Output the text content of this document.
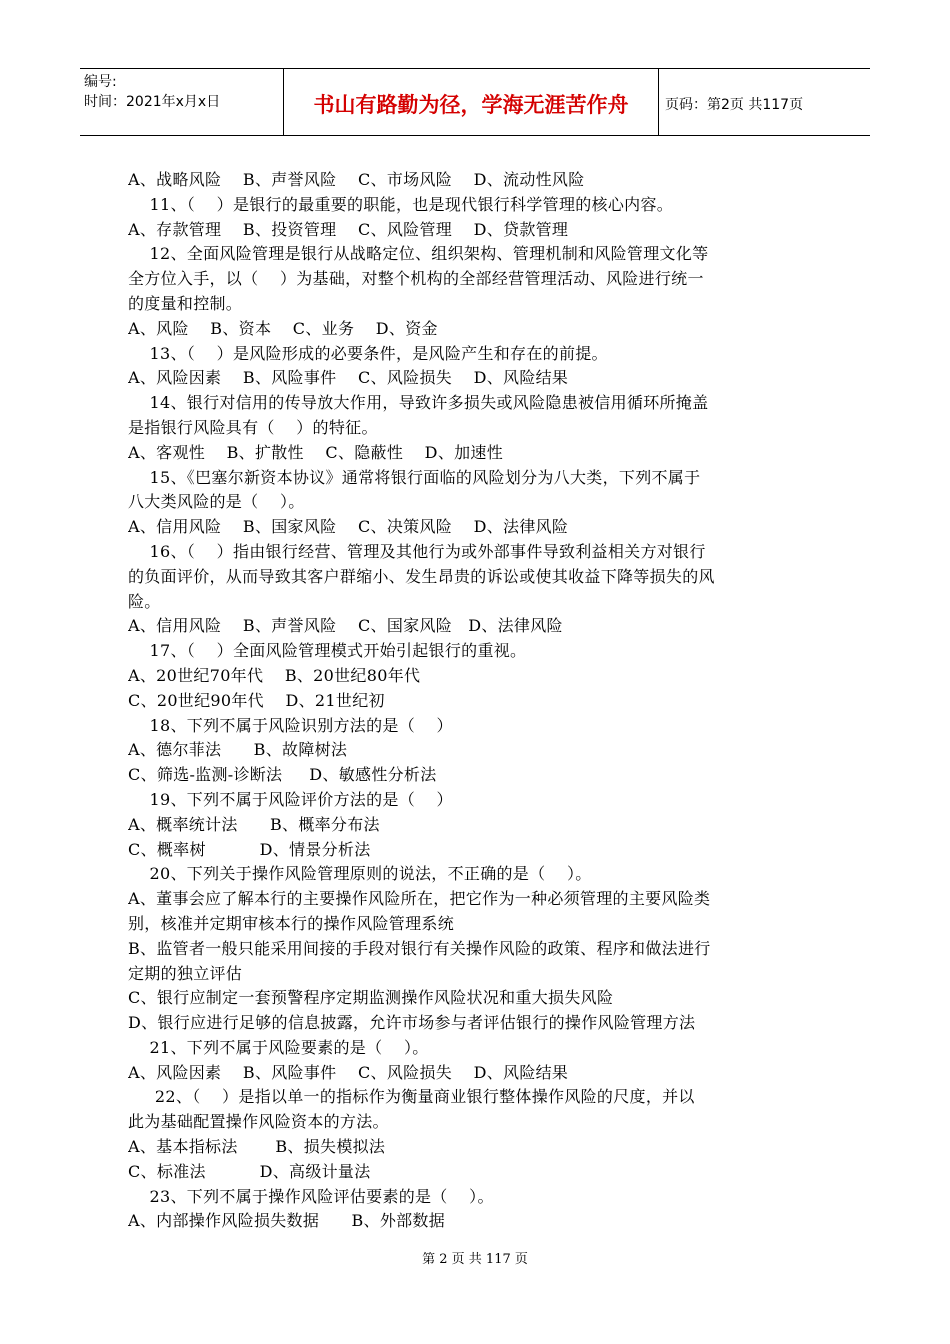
编号:
时间：2021年x月x日	书山有路勤为径，学海无涯苦作舟	页码：第2页 共117页
A、战略风险    B、声誉风险    C、市场风险    D、流动性风险
11、（    ）是银行的最重要的职能，也是现代银行科学管理的核心内容。
A、存款管理    B、投资管理    C、风险管理    D、贷款管理
12、全面风险管理是银行从战略定位、组织架构、管理机制和风险管理文化等
全方位入手，以（    ）为基础，对整个机构的全部经营管理活动、风险进行统一
的度量和控制。
A、风险    B、资本    C、业务    D、资金
13、（    ）是风险形成的必要条件，是风险产生和存在的前提。
A、风险因素    B、风险事件    C、风险损失    D、风险结果
14、银行对信用的传导放大作用，导致许多损失或风险隐患被信用循环所掩盖
是指银行风险具有（    ）的特征。
A、客观性    B、扩散性    C、隐蔽性    D、加速性
15、《巴塞尔新资本协议》通常将银行面临的风险划分为八大类，下列不属于
八大类风险的是（    ）。
A、信用风险    B、国家风险    C、决策风险    D、法律风险
16、（    ）指由银行经营、管理及其他行为或外部事件导致利益相关方对银行
的负面评价，从而导致其客户群缩小、发生昂贵的诉讼或使其收益下降等损失的风
险。
A、信用风险    B、声誉风险    C、国家风险   D、法律风险
17、（    ）全面风险管理模式开始引起银行的重视。
A、20世纪70年代    B、20世纪80年代
C、20世纪90年代    D、21世纪初
18、下列不属于风险识别方法的是（    ）
A、德尔菲法      B、故障树法
C、筛选-监测-诊断法     D、敏感性分析法
19、下列不属于风险评价方法的是（    ）
A、概率统计法      B、概率分布法
C、概率树          D、情景分析法
20、下列关于操作风险管理原则的说法，不正确的是（    ）。
A、董事会应了解本行的主要操作风险所在，把它作为一种必须管理的主要风险类
别，核准并定期审核本行的操作风险管理系统
B、监管者一般只能采用间接的手段对银行有关操作风险的政策、程序和做法进行
定期的独立评估
C、银行应制定一套预警程序定期监测操作风险状况和重大损失风险
D、银行应进行足够的信息披露，允许市场参与者评估银行的操作风险管理方法
21、下列不属于风险要素的是（    ）。
A、风险因素    B、风险事件    C、风险损失    D、风险结果
22、（    ）是指以单一的指标作为衡量商业银行整体操作风险的尺度，并以
此为基础配置操作风险资本的方法。
A、基本指标法       B、损失模拟法
C、标准法          D、高级计量法
23、下列不属于操作风险评估要素的是（    ）。
A、内部操作风险损失数据      B、外部数据
第 2 页 共 117 页
